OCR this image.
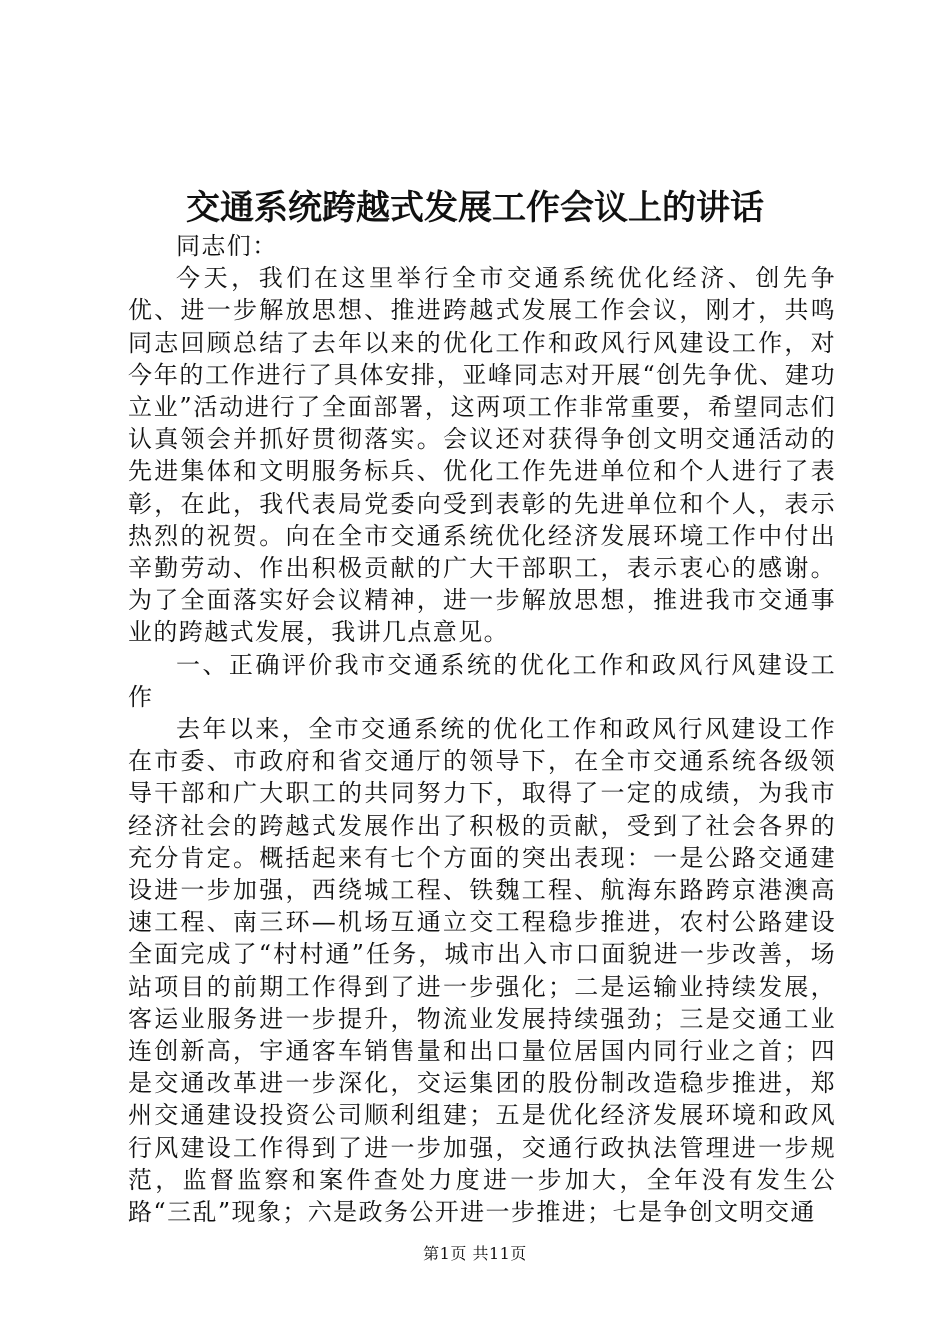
交通系统跨越式发展工作会议上的讲话

同志们：

今天，我们在这里举行全市交通系统优化经济、创先争优、进一步解放思想、推进跨越式发展工作会议，刚才，共鸣同志回顾总结了去年以来的优化工作和政风行风建设工作，对今年的工作进行了具体安排，亚峰同志对开展“创先争优、建功立业”活动进行了全面部署，这两项工作非常重要，希望同志们认真领会并抓好贯彻落实。会议还对获得争创文明交通活动的先进集体和文明服务标兵、优化工作先进单位和个人进行了表彰，在此，我代表局党委向受到表彰的先进单位和个人，表示热烈的祝贺。向在全市交通系统优化经济发展环境工作中付出辛勤劳动、作出积极贡献的广大干部职工，表示衷心的感谢。为了全面落实好会议精神，进一步解放思想，推进我市交通事业的跨越式发展，我讲几点意见。

一、正确评价我市交通系统的优化工作和政风行风建设工作

去年以来，全市交通系统的优化工作和政风行风建设工作在市委、市政府和省交通厅的领导下，在全市交通系统各级领导干部和广大职工的共同努力下，取得了一定的成绩，为我市经济社会的跨越式发展作出了积极的贡献，受到了社会各界的充分肯定。概括起来有七个方面的突出表现：一是公路交通建设进一步加强，西绕城工程、铁魏工程、航海东路跨京港澳高速工程、南三环—机场互通立交工程稳步推进，农村公路建设全面完成了“村村通”任务，城市出入市口面貌进一步改善，场站项目的前期工作得到了进一步强化；二是运输业持续发展，客运业服务进一步提升，物流业发展持续强劲；三是交通工业连创新高，宇通客车销售量和出口量位居国内同行业之首；四是交通改革进一步深化，交运集团的股份制改造稳步推进，郑州交通建设投资公司顺利组建；五是优化经济发展环境和政风行风建设工作得到了进一步加强，交通行政执法管理进一步规范，监督监察和案件查处力度进一步加大，全年没有发生公路“三乱”现象；六是政务公开进一步推进；七是争创文明交通

第1页 共11页
